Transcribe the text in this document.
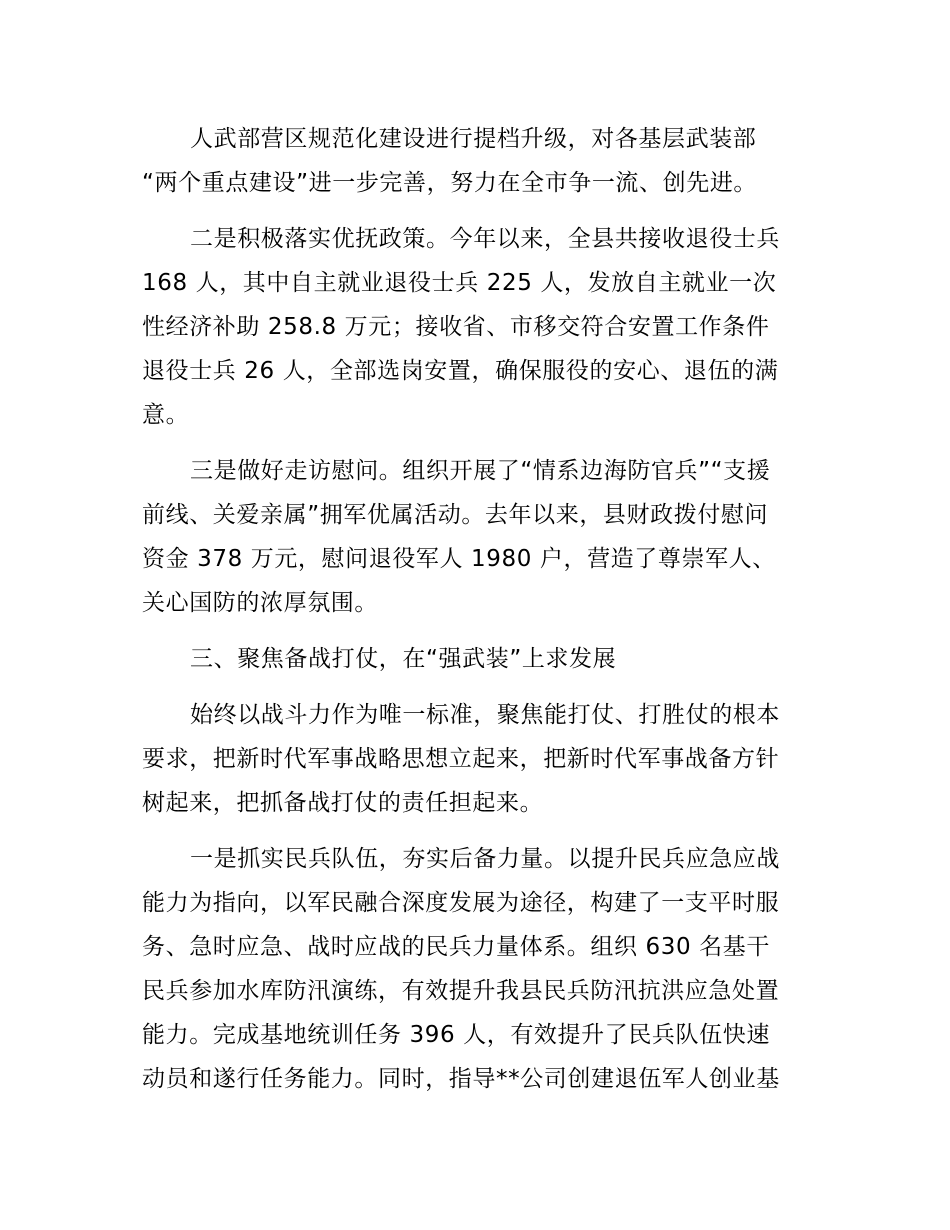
人武部营区规范化建设进行提档升级，对各基层武装部
“两个重点建设”进一步完善，努力在全市争一流、创先进。
二是积极落实优抚政策。今年以来，全县共接收退役士兵
168 人，其中自主就业退役士兵 225 人，发放自主就业一次
性经济补助 258.8 万元；接收省、市移交符合安置工作条件
退役士兵 26 人，全部选岗安置，确保服役的安心、退伍的满
意。
三是做好走访慰问。组织开展了“情系边海防官兵”“支援
前线、关爱亲属”拥军优属活动。去年以来，县财政拨付慰问
资金 378 万元，慰问退役军人 1980 户，营造了尊崇军人、
关心国防的浓厚氛围。
三、聚焦备战打仗，在“强武装”上求发展
始终以战斗力作为唯一标准，聚焦能打仗、打胜仗的根本
要求，把新时代军事战略思想立起来，把新时代军事战备方针
树起来，把抓备战打仗的责任担起来。
一是抓实民兵队伍，夯实后备力量。以提升民兵应急应战
能力为指向，以军民融合深度发展为途径，构建了一支平时服
务、急时应急、战时应战的民兵力量体系。组织 630 名基干
民兵参加水库防汛演练，有效提升我县民兵防汛抗洪应急处置
能力。完成基地统训任务 396 人，有效提升了民兵队伍快速
动员和遂行任务能力。同时，指导**公司创建退伍军人创业基
